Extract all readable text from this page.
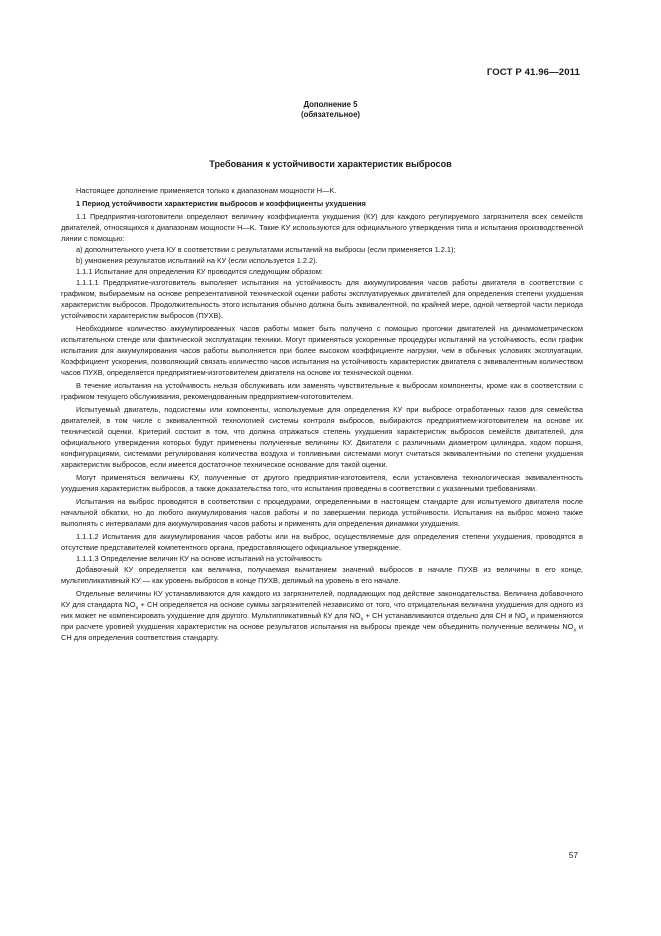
ГОСТ Р 41.96—2011
Дополнение 5
(обязательное)
Требования к устойчивости характеристик выбросов

Настоящее дополнение применяется только к диапазонам мощности H—K.

1 Период устойчивости характеристик выбросов и коэффициенты ухудшения

1.1 Предприятия-изготовители определяют величину коэффициента ухудшения (КУ) для каждого регулируемого загрязнителя всех семейств двигателей, относящихся к диапазонам мощности H—K. Такие КУ используются для официального утверждения типа и испытания производственной линии с помощью:

a) дополнительного учета КУ в соответствии с результатами испытаний на выбросы (если применяется 1.2.1);

b) умножения результатов испытаний на КУ (если используется 1.2.2).

1.1.1 Испытание для определения КУ проводится следующим образом:

1.1.1.1 Предприятие-изготовитель выполняет испытания на устойчивость для аккумулирования часов работы двигателя в соответствии с графиком, выбираемым на основе репрезентативной технической оценки работы эксплуатируемых двигателей для определения степени ухудшения характеристик выбросов. Продолжительность этого испытания обычно должна быть эквивалентной, по крайней мере, одной четвертой части периода устойчивости характеристик выбросов (ПУХВ).

Необходимое количество аккумулированных часов работы может быть получено с помощью прогонки двигателей на динамометрическом испытательном стенде или фактической эксплуатации техники. Могут применяться ускоренные процедуры испытаний на устойчивость, если график испытания для аккумулирования часов работы выполняется при более высоком коэффициенте нагрузки, чем в обычных условиях эксплуатации. Коэффициент ускорения, позволяющий связать количество часов испытания на устойчивость характеристик двигателя с эквивалентным количеством часов ПУХВ, определяется предприятием-изготовителем двигателя на основе их технической оценки.

В течение испытания на устойчивость нельзя обслуживать или заменять чувствительные к выбросам компоненты, кроме как в соответствии с графиком текущего обслуживания, рекомендованным предприятием-изготовителем.

Испытуемый двигатель, подсистемы или компоненты, используемые для определения КУ при выбросе отработанных газов для семейства двигателей, в том числе с эквивалентной технологией системы контроля выбросов, выбираются предприятием-изготовителем на основе их технической оценки. Критерий состоит в том, что должна отражаться степень ухудшения характеристик выбросов семейств двигателей, для официального утверждения которых будут применены полученные величины КУ. Двигатели с различными диаметром цилиндра, ходом поршня, конфигурациями, системами регулирования количества воздуха и топливными системами могут считаться эквивалентными по степени ухудшения характеристик выбросов, если имеется достаточное техническое основание для такой оценки.

Могут применяться величины КУ, полученные от другого предприятия-изготовителя, если установлена технологическая эквивалентность ухудшения характеристик выбросов, а также доказательства того, что испытания проведены в соответствии с указанными требованиями.

Испытания на выброс проводятся в соответствии с процедурами, определенными в настоящем стандарте для испытуемого двигателя после начальной обкатки, но до любого аккумулирования часов работы и по завершении периода устойчивости. Испытания на выброс можно также выполнять с интервалами для аккумулирования часов работы и применять для определения динамики ухудшения.

1.1.1.2 Испытания для аккумулирования часов работы или на выброс, осуществляемые для определения степени ухудшения, проводятся в отсутствие представителей компетентного органа, предоставляющего официальное утверждение.

1.1.1.3 Определение величин КУ на основе испытаний на устойчивость

Добавочный КУ определяется как величина, получаемая вычитанием значений выбросов в начале ПУХВ из величины в его конце, мультипликативный КУ — как уровень выбросов в конце ПУХВ, делимый на уровень в его начале.

Отдельные величины КУ устанавливаются для каждого из загрязнителей, подпадающих под действие законодательства. Величина добавочного КУ для стандарта $NO_x$ + CH определяется на основе суммы загрязнителей независимо от того, что отрицательная величина ухудшения для одного из них может не компенсировать ухудшение для другого. Мультипликативный КУ для $NO_x$ + CH устанавливаются отдельно для CH и $NO_x$ и применяются при расчете уровней ухудшения характеристик на основе результатов испытания на выбросы прежде чем объединить полученные величины $NO_x$ и CH для определения соответствия стандарту.

57
